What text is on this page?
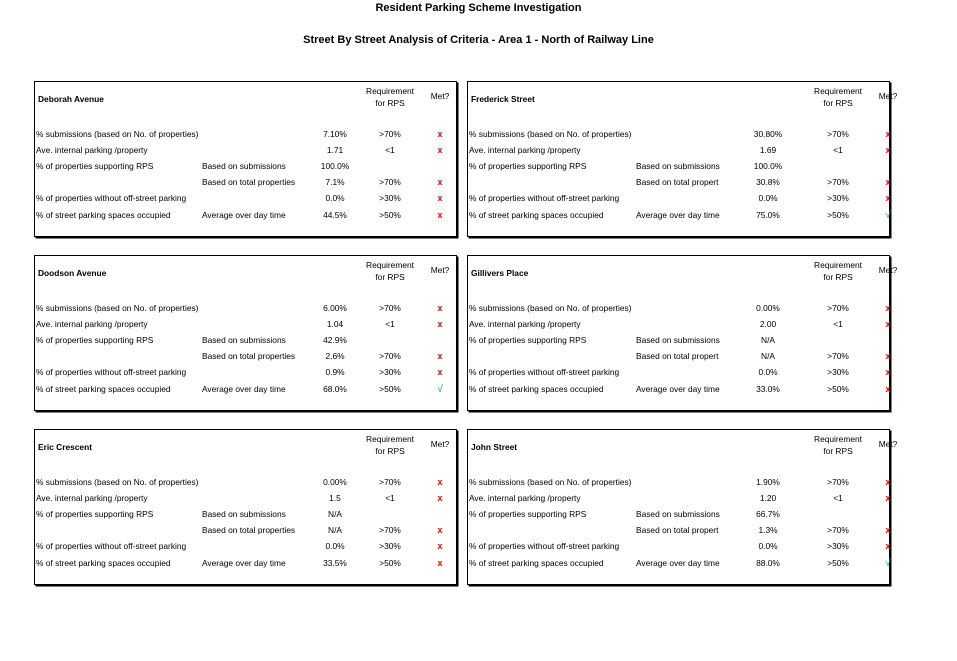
Resident Parking Scheme Investigation
Street By Street Analysis of Criteria - Area 1 - North of Railway Line
Deborah Avenue
Requirement
for RPS
Met?
% submissions (based on No. of properties)	7.10%	>70%	x
Ave. internal parking /property	1.71	<1	x
% of properties supporting RPS	Based on submissions	100.0%
Based on total properties	7.1%	>70%	x
% of properties without off-street parking	0.0%	>30%	x
% of street parking spaces occupied	Average over day time	44.5%	>50%	x
Frederick Street
Requirement
for RPS
Met?
% submissions (based on No. of properties)	30.80%	>70%	x
Ave. internal parking /property	1.69	<1	x
% of properties supporting RPS	Based on submissions	100.0%
Based on total propert	30.8%	>70%	x
% of properties without off-street parking	0.0%	>30%	x
% of street parking spaces occupied	Average over day time	75.0%	>50%	√
Doodson Avenue
Requirement
for RPS
Met?
% submissions (based on No. of properties)	6.00%	>70%	x
Ave. internal parking /property	1.04	<1	x
% of properties supporting RPS	Based on submissions	42.9%
Based on total properties	2.6%	>70%	x
% of properties without off-street parking	0.9%	>30%	x
% of street parking spaces occupied	Average over day time	68.0%	>50%	√
Gillivers Place
Requirement
for RPS
Met?
% submissions (based on No. of properties)	0.00%	>70%	x
Ave. internal parking /property	2.00	<1	x
% of properties supporting RPS	Based on submissions	N/A
Based on total propert	N/A	>70%	x
% of properties without off-street parking	0.0%	>30%	x
% of street parking spaces occupied	Average over day time	33.0%	>50%	x
Eric Crescent
Requirement
for RPS
Met?
% submissions (based on No. of properties)	0.00%	>70%	x
Ave. internal parking /property	1.5	<1	x
% of properties supporting RPS	Based on submissions	N/A
Based on total properties	N/A	>70%	x
% of properties without off-street parking	0.0%	>30%	x
% of street parking spaces occupied	Average over day time	33.5%	>50%	x
John Street
Requirement
for RPS
Met?
% submissions (based on No. of properties)	1.90%	>70%	x
Ave. internal parking /property	1.20	<1	x
% of properties supporting RPS	Based on submissions	66.7%
Based on total propert	1.3%	>70%	x
% of properties without off-street parking	0.0%	>30%	x
% of street parking spaces occupied	Average over day time	88.0%	>50%	√
